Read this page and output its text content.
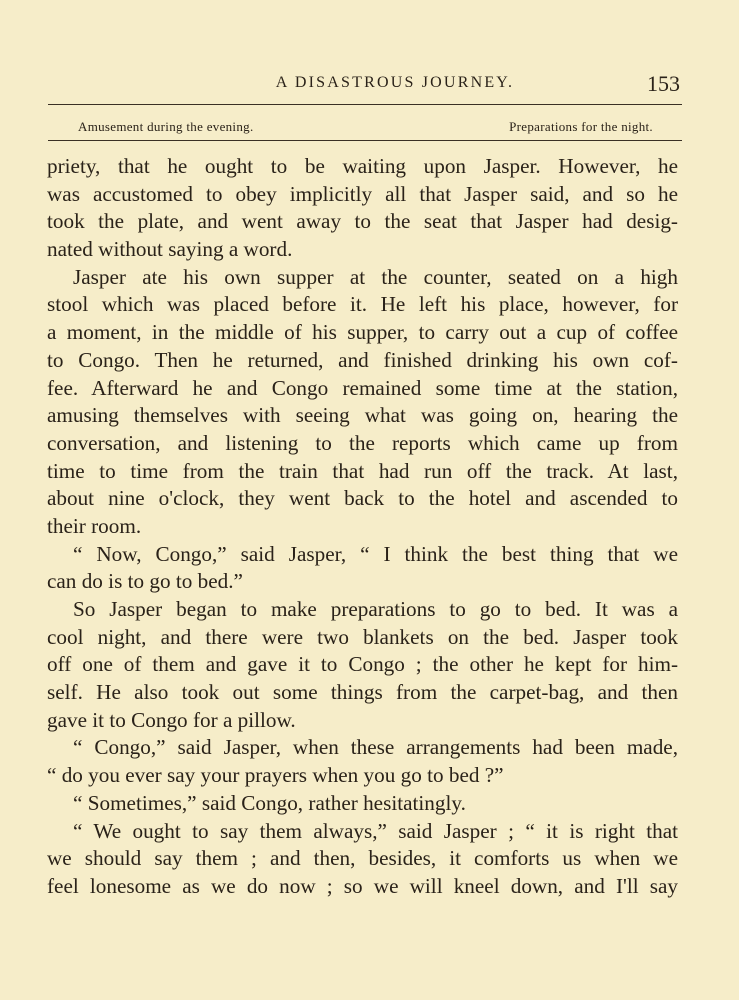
A DISASTROUS JOURNEY.	153
Amusement during the evening.	Preparations for the night.
priety, that he ought to be waiting upon Jasper. However, he
was accustomed to obey implicitly all that Jasper said, and so he
took the plate, and went away to the seat that Jasper had desig-
nated without saying a word.
Jasper ate his own supper at the counter, seated on a high
stool which was placed before it. He left his place, however, for
a moment, in the middle of his supper, to carry out a cup of coffee
to Congo. Then he returned, and finished drinking his own cof-
fee. Afterward he and Congo remained some time at the station,
amusing themselves with seeing what was going on, hearing the
conversation, and listening to the reports which came up from
time to time from the train that had run off the track. At last,
about nine o'clock, they went back to the hotel and ascended to
their room.
“ Now, Congo,” said Jasper, “ I think the best thing that we
can do is to go to bed.”
So Jasper began to make preparations to go to bed. It was a
cool night, and there were two blankets on the bed. Jasper took
off one of them and gave it to Congo ; the other he kept for him-
self. He also took out some things from the carpet-bag, and then
gave it to Congo for a pillow.
“ Congo,” said Jasper, when these arrangements had been made,
“ do you ever say your prayers when you go to bed ?”
“ Sometimes,” said Congo, rather hesitatingly.
“ We ought to say them always,” said Jasper ; “ it is right that
we should say them ; and then, besides, it comforts us when we
feel lonesome as we do now ; so we will kneel down, and I'll say
